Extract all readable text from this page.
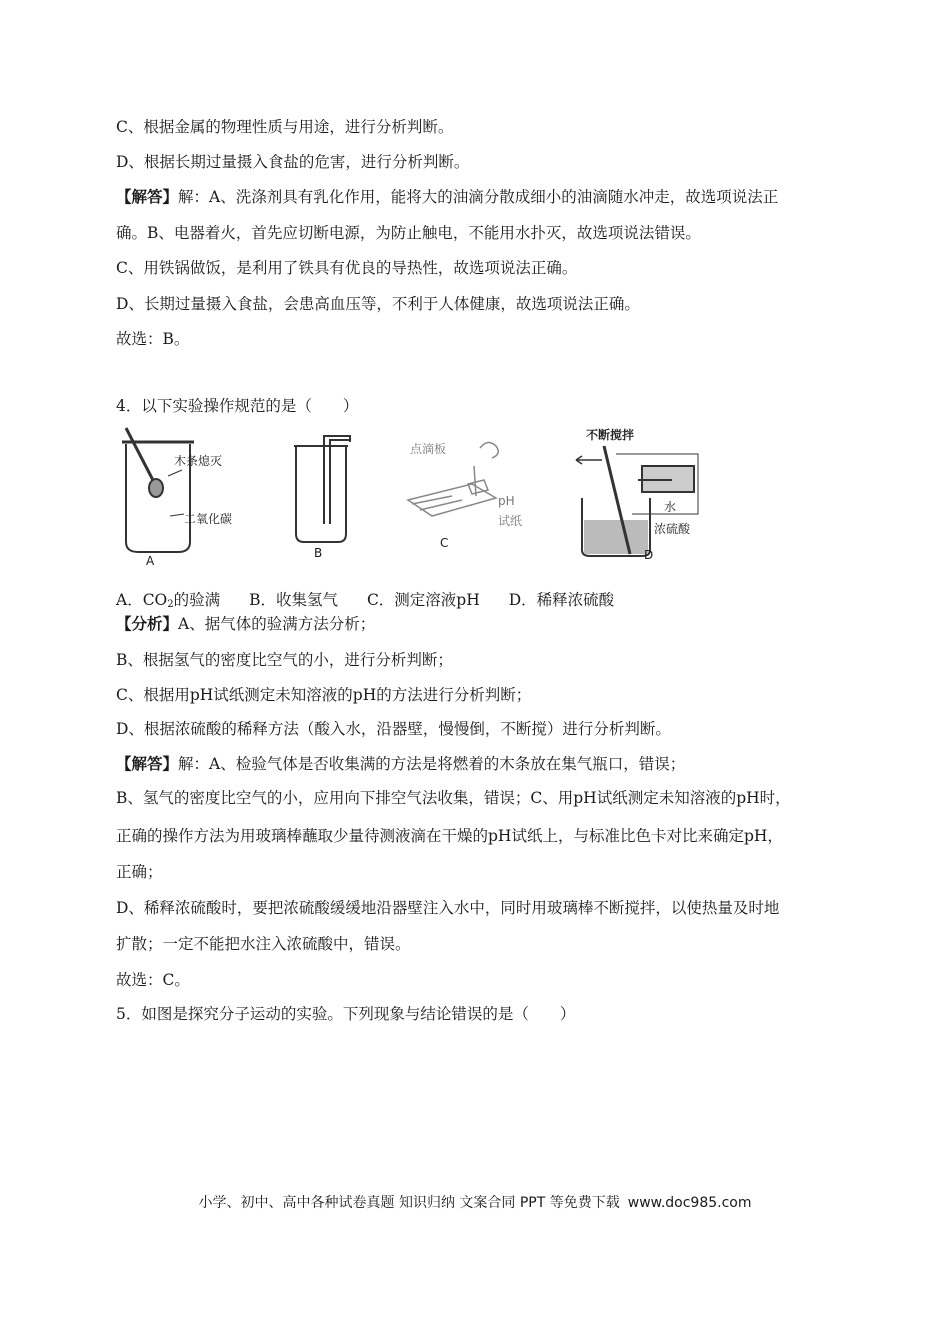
C、根据金属的物理性质与用途，进行分析判断。
D、根据长期过量摄入食盐的危害，进行分析判断。
【解答】解：A、洗涤剂具有乳化作用，能将大的油滴分散成细小的油滴随水冲走，故选项说法正
确。B、电器着火，首先应切断电源，为防止触电，不能用水扑灭，故选项说法错误。
C、用铁锅做饭，是利用了铁具有优良的导热性，故选项说法正确。
D、长期过量摄入食盐，会患高血压等，不利于人体健康，故选项说法正确。
故选：B。
4．以下实验操作规范的是（　　）
木条熄灭
二氧化碳
A
B
点滴板
pH
试纸
C
不断搅拌
水
浓硫酸
D
A．$CO_2$的验满 B．收集氢气 C．测定溶液pH D．稀释浓硫酸
【分析】A、据气体的验满方法分析；
B、根据氢气的密度比空气的小，进行分析判断；
C、根据用pH试纸测定未知溶液的pH的方法进行分析判断；
D、根据浓硫酸的稀释方法（酸入水，沿器壁，慢慢倒，不断搅）进行分析判断。
【解答】解：A、检验气体是否收集满的方法是将燃着的木条放在集气瓶口，错误；
B、氢气的密度比空气的小，应用向下排空气法收集，错误；C、用pH试纸测定未知溶液的pH时，
正确的操作方法为用玻璃棒蘸取少量待测液滴在干燥的pH试纸上，与标准比色卡对比来确定pH，
正确；
D、稀释浓硫酸时，要把浓硫酸缓缓地沿器壁注入水中，同时用玻璃棒不断搅拌，以使热量及时地
扩散；一定不能把水注入浓硫酸中，错误。
故选：C。
5．如图是探究分子运动的实验。下列现象与结论错误的是（　　）
小学、初中、高中各种试卷真题 知识归纳 文案合同 PPT 等免费下载 www.doc985.com
